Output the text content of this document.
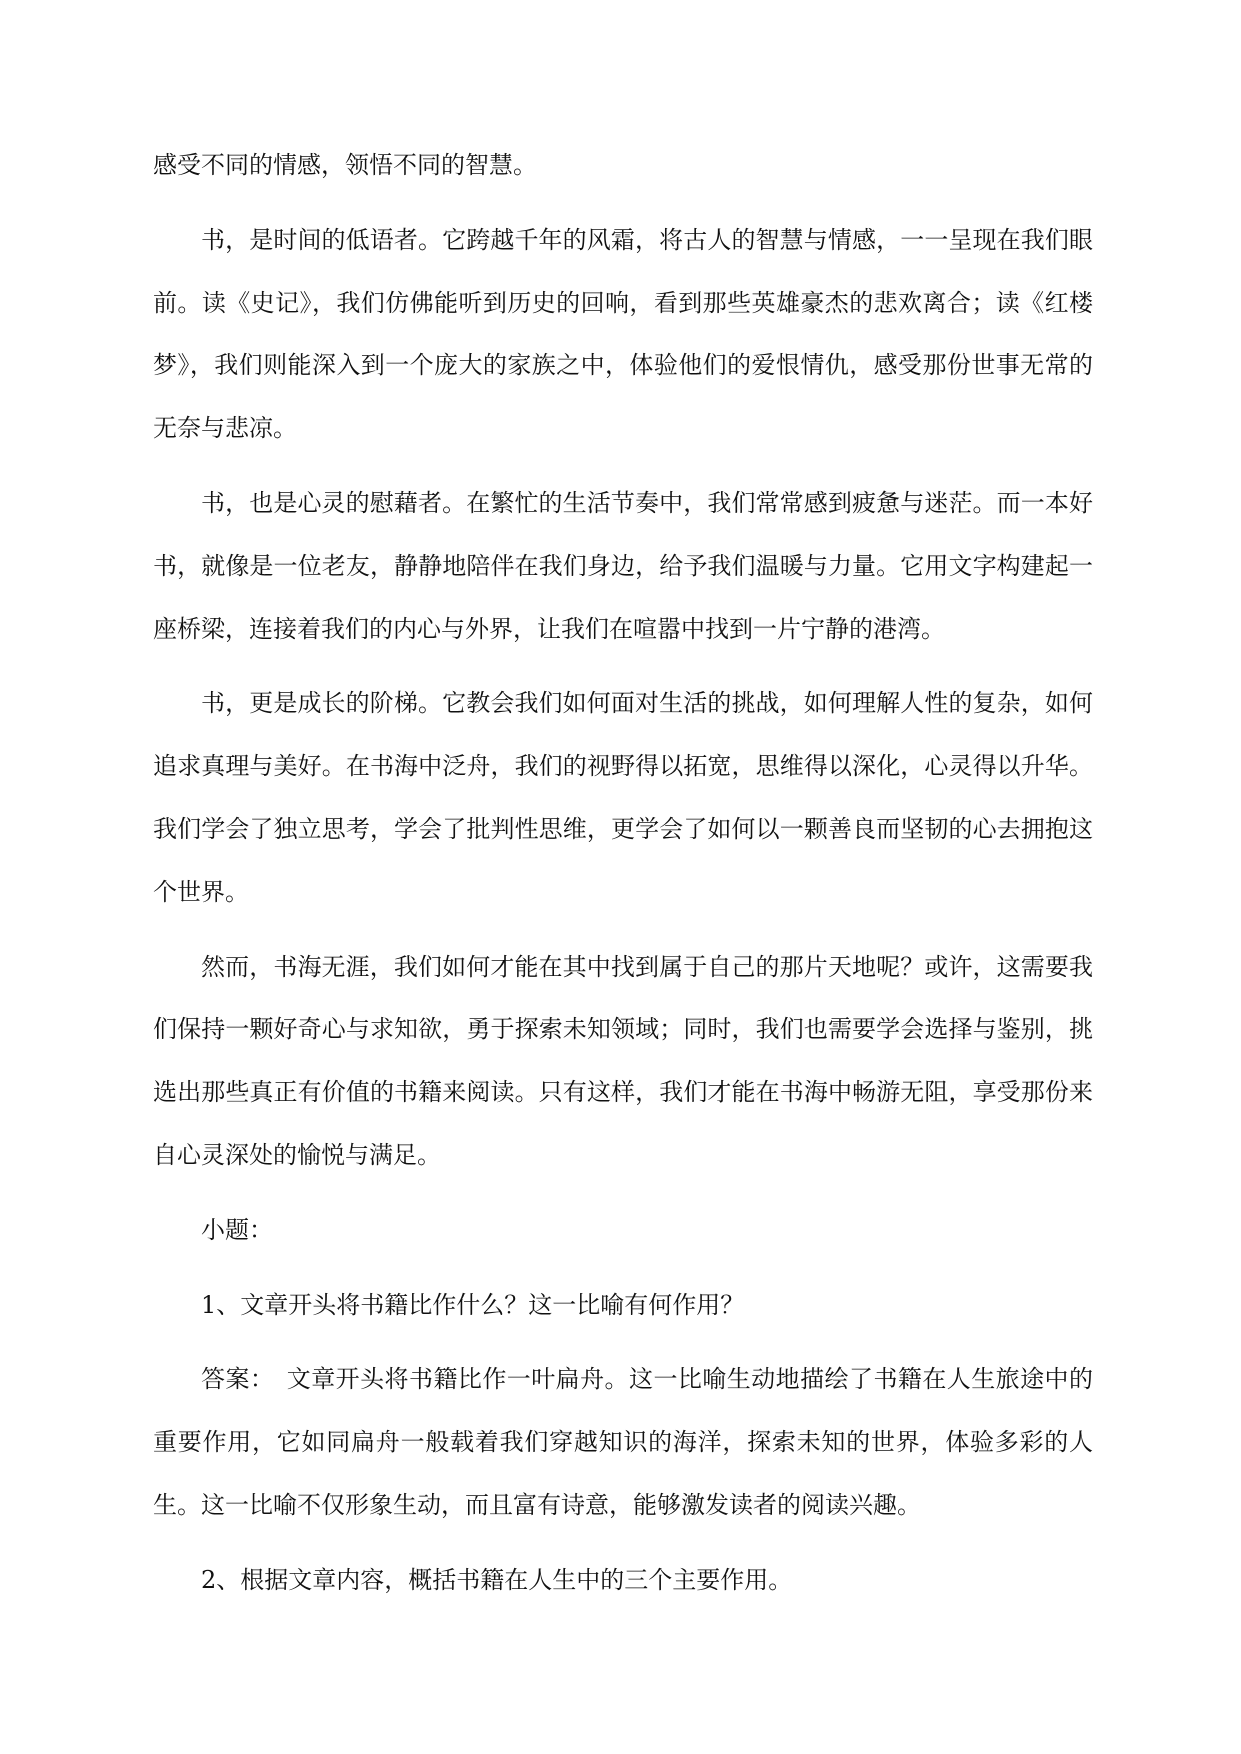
感受不同的情感，领悟不同的智慧。

书，是时间的低语者。它跨越千年的风霜，将古人的智慧与情感，一一呈现在我们眼前。读《史记》，我们仿佛能听到历史的回响，看到那些英雄豪杰的悲欢离合；读《红楼梦》，我们则能深入到一个庞大的家族之中，体验他们的爱恨情仇，感受那份世事无常的无奈与悲凉。

书，也是心灵的慰藉者。在繁忙的生活节奏中，我们常常感到疲惫与迷茫。而一本好书，就像是一位老友，静静地陪伴在我们身边，给予我们温暖与力量。它用文字构建起一座桥梁，连接着我们的内心与外界，让我们在喧嚣中找到一片宁静的港湾。

书，更是成长的阶梯。它教会我们如何面对生活的挑战，如何理解人性的复杂，如何追求真理与美好。在书海中泛舟，我们的视野得以拓宽，思维得以深化，心灵得以升华。我们学会了独立思考，学会了批判性思维，更学会了如何以一颗善良而坚韧的心去拥抱这个世界。

然而，书海无涯，我们如何才能在其中找到属于自己的那片天地呢？或许，这需要我们保持一颗好奇心与求知欲，勇于探索未知领域；同时，我们也需要学会选择与鉴别，挑选出那些真正有价值的书籍来阅读。只有这样，我们才能在书海中畅游无阻，享受那份来自心灵深处的愉悦与满足。

小题：

1、文章开头将书籍比作什么？这一比喻有何作用？

答案：　文章开头将书籍比作一叶扁舟。这一比喻生动地描绘了书籍在人生旅途中的重要作用，它如同扁舟一般载着我们穿越知识的海洋，探索未知的世界，体验多彩的人生。这一比喻不仅形象生动，而且富有诗意，能够激发读者的阅读兴趣。

2、根据文章内容，概括书籍在人生中的三个主要作用。
